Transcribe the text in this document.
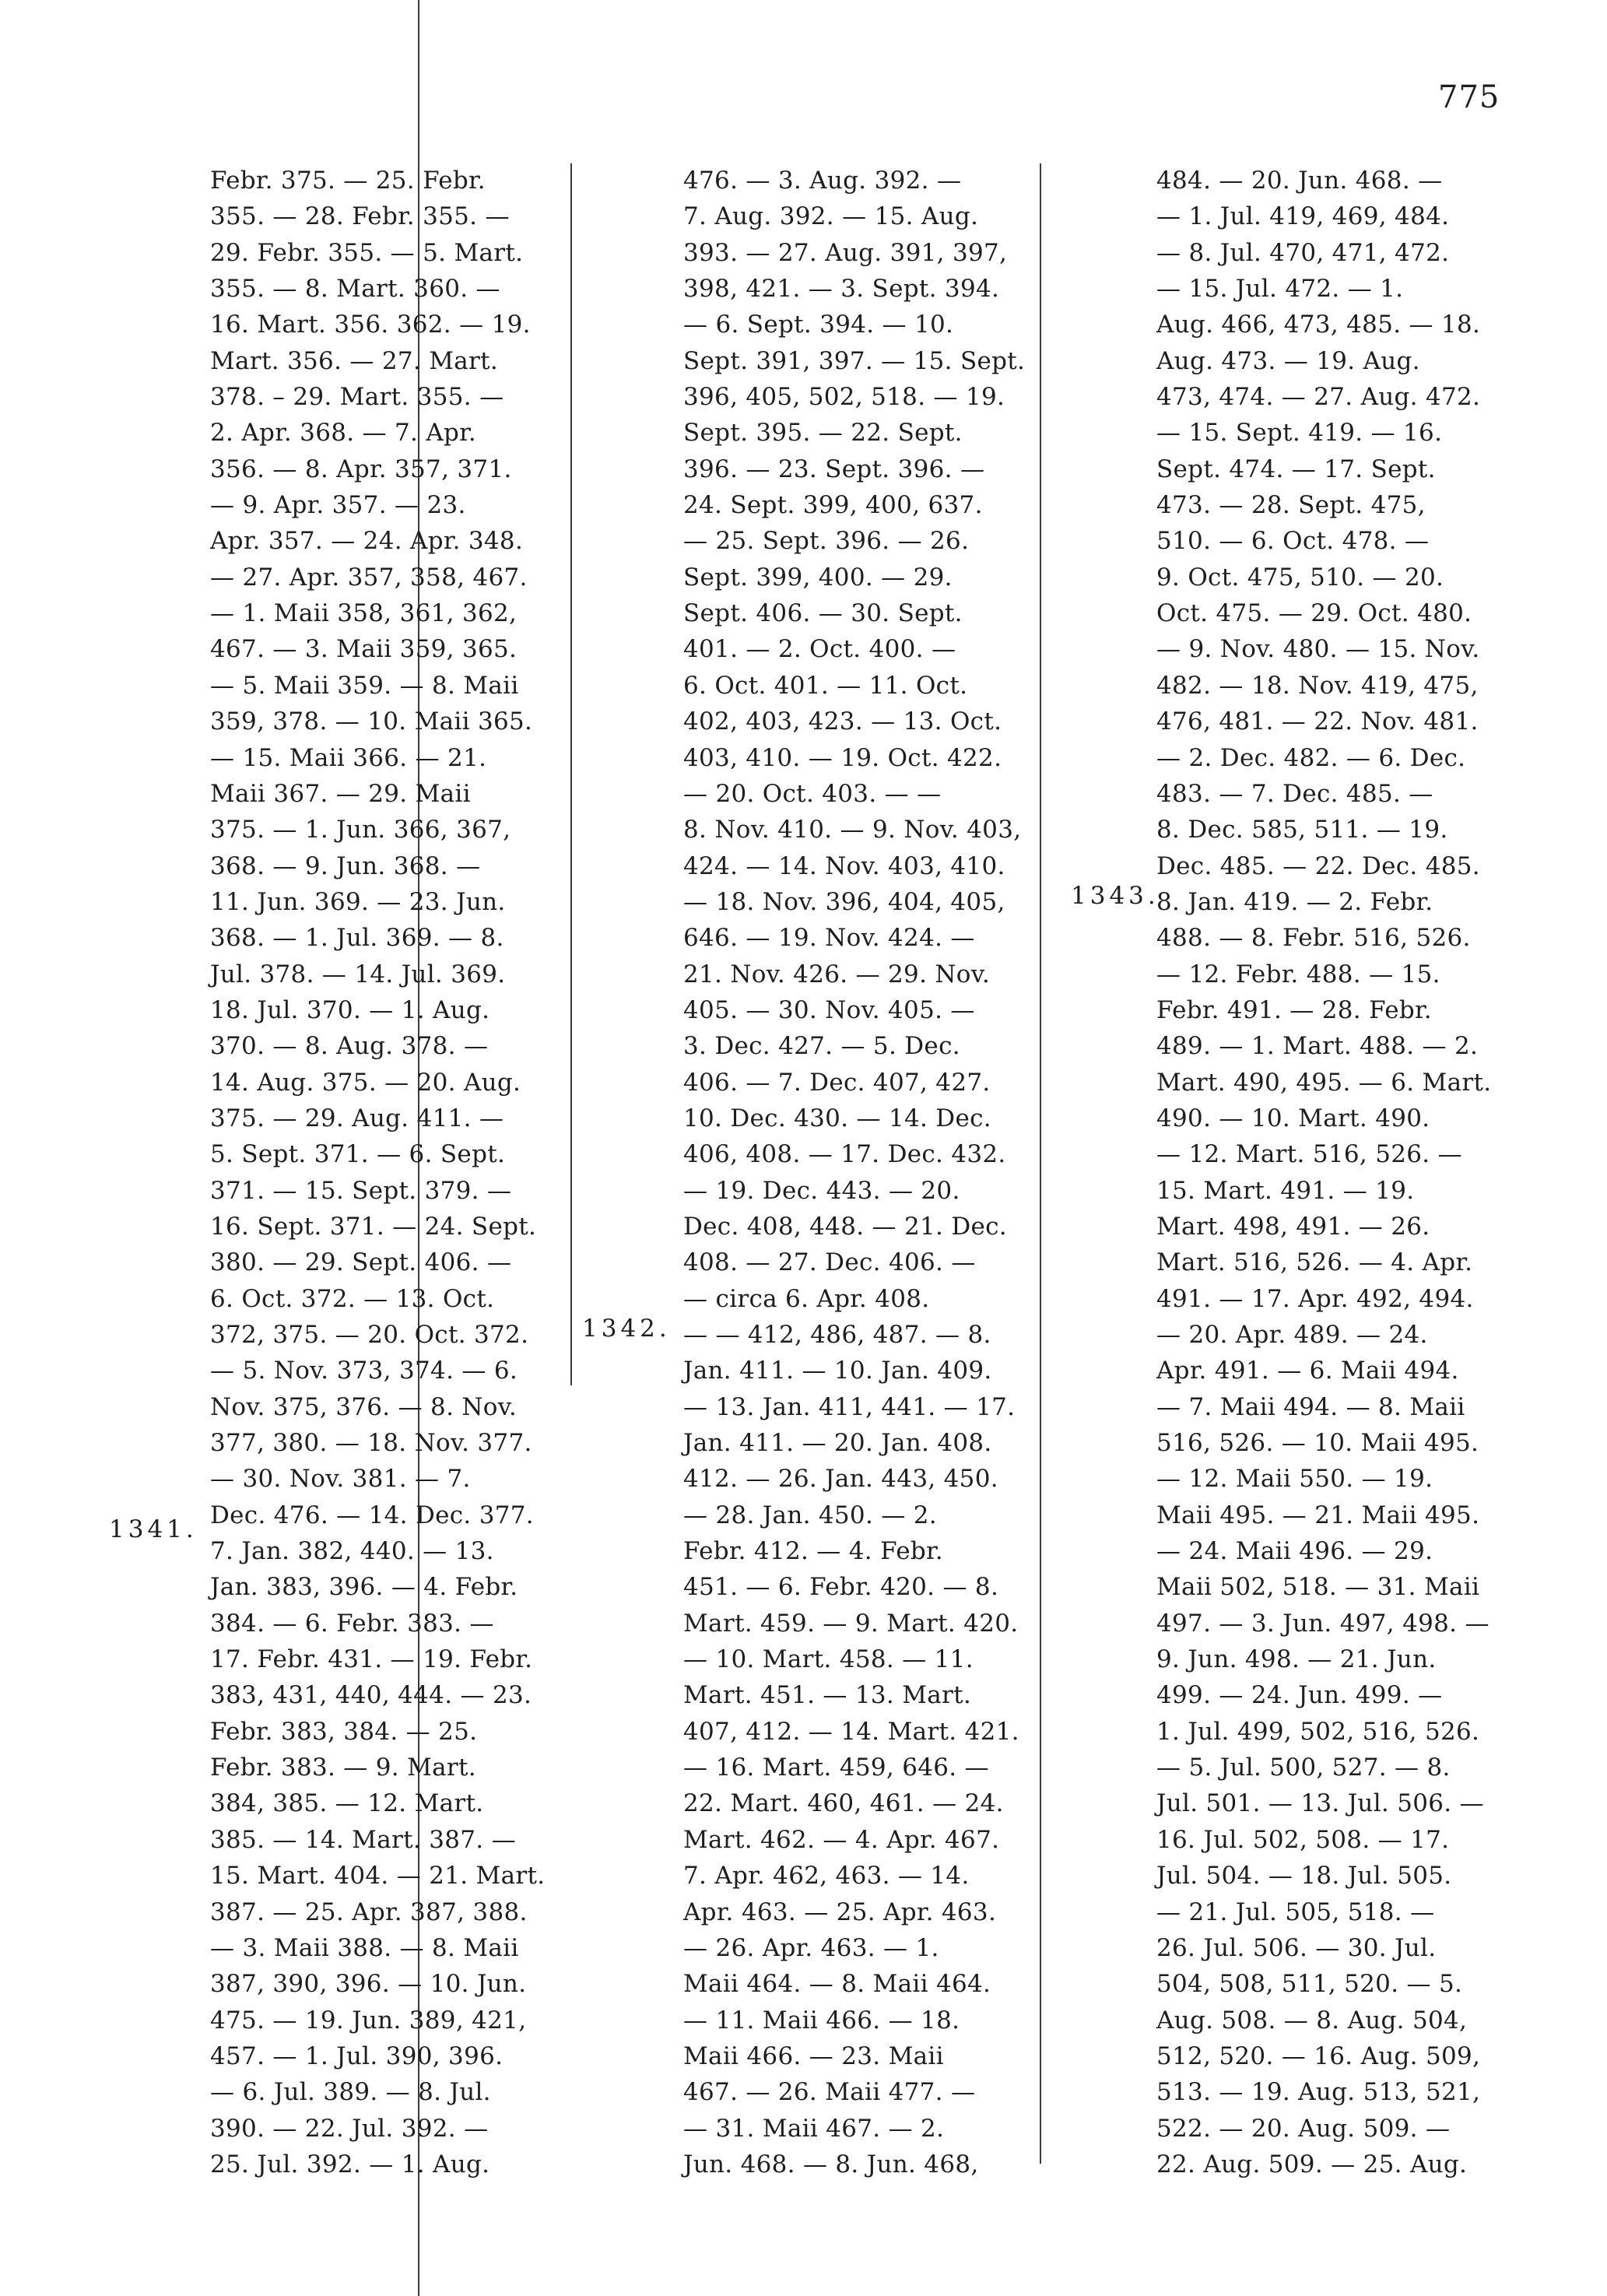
775
1341.
1342.
1343.
Febr. 375. — 25. Febr.
355. — 28. Febr. 355. —
29. Febr. 355. — 5. Mart.
355. — 8. Mart. 360. —
16. Mart. 356. 362. — 19.
Mart. 356. — 27. Mart.
378. – 29. Mart. 355. —
2. Apr. 368. — 7. Apr.
356. — 8. Apr. 357, 371.
— 9. Apr. 357. — 23.
Apr. 357. — 24. Apr. 348.
— 27. Apr. 357, 358, 467.
— 1. Maii 358, 361, 362,
467. — 3. Maii 359, 365.
— 5. Maii 359. — 8. Maii
359, 378. — 10. Maii 365.
— 15. Maii 366. — 21.
Maii 367. — 29. Maii
375. — 1. Jun. 366, 367,
368. — 9. Jun. 368. —
11. Jun. 369. — 23. Jun.
368. — 1. Jul. 369. — 8.
Jul. 378. — 14. Jul. 369.
18. Jul. 370. — 1. Aug.
370. — 8. Aug. 378. —
14. Aug. 375. — 20. Aug.
375. — 29. Aug. 411. —
5. Sept. 371. — 6. Sept.
371. — 15. Sept. 379. —
16. Sept. 371. — 24. Sept.
380. — 29. Sept. 406. —
6. Oct. 372. — 13. Oct.
372, 375. — 20. Oct. 372.
— 5. Nov. 373, 374. — 6.
Nov. 375, 376. — 8. Nov.
377, 380. — 18. Nov. 377.
— 30. Nov. 381. — 7.
Dec. 476. — 14. Dec. 377.
7. Jan. 382, 440. — 13.
Jan. 383, 396. — 4. Febr.
384. — 6. Febr. 383. —
17. Febr. 431. — 19. Febr.
383, 431, 440, 444. — 23.
Febr. 383, 384. — 25.
Febr. 383. — 9. Mart.
384, 385. — 12. Mart.
385. — 14. Mart. 387. —
15. Mart. 404. — 21. Mart.
387. — 25. Apr. 387, 388.
— 3. Maii 388. — 8. Maii
387, 390, 396. — 10. Jun.
475. — 19. Jun. 389, 421,
457. — 1. Jul. 390, 396.
— 6. Jul. 389. — 8. Jul.
390. — 22. Jul. 392. —
25. Jul. 392. — 1. Aug.
476. — 3. Aug. 392. —
7. Aug. 392. — 15. Aug.
393. — 27. Aug. 391, 397,
398, 421. — 3. Sept. 394.
— 6. Sept. 394. — 10.
Sept. 391, 397. — 15. Sept.
396, 405, 502, 518. — 19.
Sept. 395. — 22. Sept.
396. — 23. Sept. 396. —
24. Sept. 399, 400, 637.
— 25. Sept. 396. — 26.
Sept. 399, 400. — 29.
Sept. 406. — 30. Sept.
401. — 2. Oct. 400. —
6. Oct. 401. — 11. Oct.
402, 403, 423. — 13. Oct.
403, 410. — 19. Oct. 422.
— 20. Oct. 403. — —
8. Nov. 410. — 9. Nov. 403,
424. — 14. Nov. 403, 410.
— 18. Nov. 396, 404, 405,
646. — 19. Nov. 424. —
21. Nov. 426. — 29. Nov.
405. — 30. Nov. 405. —
3. Dec. 427. — 5. Dec.
406. — 7. Dec. 407, 427.
10. Dec. 430. — 14. Dec.
406, 408. — 17. Dec. 432.
— 19. Dec. 443. — 20.
Dec. 408, 448. — 21. Dec.
408. — 27. Dec. 406. —
— circa 6. Apr. 408.
— — 412, 486, 487. — 8.
Jan. 411. — 10. Jan. 409.
— 13. Jan. 411, 441. — 17.
Jan. 411. — 20. Jan. 408.
412. — 26. Jan. 443, 450.
— 28. Jan. 450. — 2.
Febr. 412. — 4. Febr.
451. — 6. Febr. 420. — 8.
Mart. 459. — 9. Mart. 420.
— 10. Mart. 458. — 11.
Mart. 451. — 13. Mart.
407, 412. — 14. Mart. 421.
— 16. Mart. 459, 646. —
22. Mart. 460, 461. — 24.
Mart. 462. — 4. Apr. 467.
7. Apr. 462, 463. — 14.
Apr. 463. — 25. Apr. 463.
— 26. Apr. 463. — 1.
Maii 464. — 8. Maii 464.
— 11. Maii 466. — 18.
Maii 466. — 23. Maii
467. — 26. Maii 477. —
— 31. Maii 467. — 2.
Jun. 468. — 8. Jun. 468,
484. — 20. Jun. 468. —
— 1. Jul. 419, 469, 484.
— 8. Jul. 470, 471, 472.
— 15. Jul. 472. — 1.
Aug. 466, 473, 485. — 18.
Aug. 473. — 19. Aug.
473, 474. — 27. Aug. 472.
— 15. Sept. 419. — 16.
Sept. 474. — 17. Sept.
473. — 28. Sept. 475,
510. — 6. Oct. 478. —
9. Oct. 475, 510. — 20.
Oct. 475. — 29. Oct. 480.
— 9. Nov. 480. — 15. Nov.
482. — 18. Nov. 419, 475,
476, 481. — 22. Nov. 481.
— 2. Dec. 482. — 6. Dec.
483. — 7. Dec. 485. —
8. Dec. 585, 511. — 19.
Dec. 485. — 22. Dec. 485.
8. Jan. 419. — 2. Febr.
488. — 8. Febr. 516, 526.
— 12. Febr. 488. — 15.
Febr. 491. — 28. Febr.
489. — 1. Mart. 488. — 2.
Mart. 490, 495. — 6. Mart.
490. — 10. Mart. 490.
— 12. Mart. 516, 526. —
15. Mart. 491. — 19.
Mart. 498, 491. — 26.
Mart. 516, 526. — 4. Apr.
491. — 17. Apr. 492, 494.
— 20. Apr. 489. — 24.
Apr. 491. — 6. Maii 494.
— 7. Maii 494. — 8. Maii
516, 526. — 10. Maii 495.
— 12. Maii 550. — 19.
Maii 495. — 21. Maii 495.
— 24. Maii 496. — 29.
Maii 502, 518. — 31. Maii
497. — 3. Jun. 497, 498. —
9. Jun. 498. — 21. Jun.
499. — 24. Jun. 499. —
1. Jul. 499, 502, 516, 526.
— 5. Jul. 500, 527. — 8.
Jul. 501. — 13. Jul. 506. —
16. Jul. 502, 508. — 17.
Jul. 504. — 18. Jul. 505.
— 21. Jul. 505, 518. —
26. Jul. 506. — 30. Jul.
504, 508, 511, 520. — 5.
Aug. 508. — 8. Aug. 504,
512, 520. — 16. Aug. 509,
513. — 19. Aug. 513, 521,
522. — 20. Aug. 509. —
22. Aug. 509. — 25. Aug.
